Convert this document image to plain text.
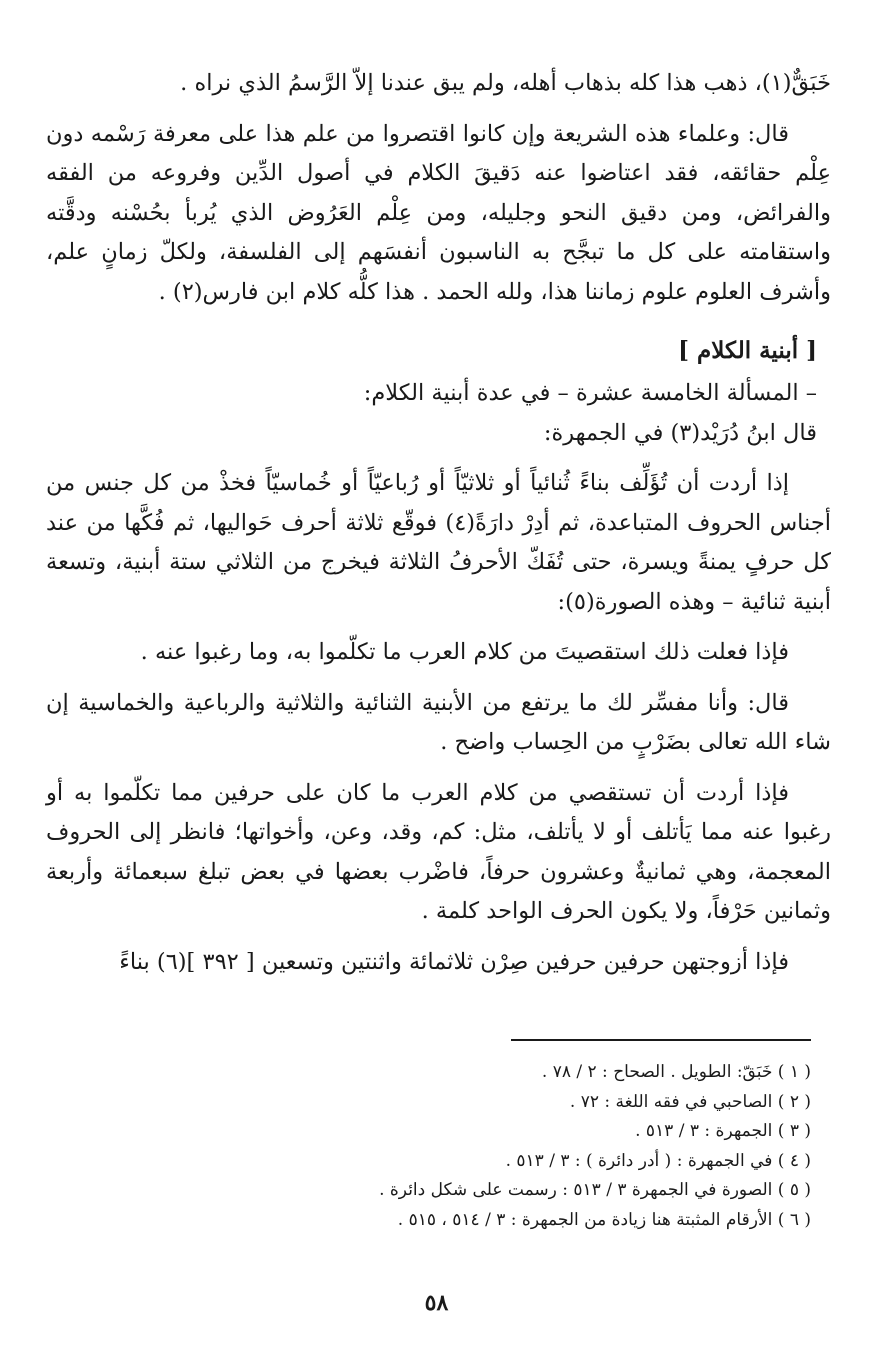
خَبَقٌّ(١)، ذهب هذا كله بذهاب أهله، ولم يبق عندنا إلاّ الرَّسمُ الذي نراه .

قال: وعلماء هذه الشريعة وإن كانوا اقتصروا من علم هذا على معرفة رَسْمه دون عِلْم حقائقه، فقد اعتاضوا عنه دَقيقَ الكلام في أصول الدِّين وفروعه من الفقه والفرائض، ومن دقيق النحو وجليله، ومن عِلْم العَرُوض الذي يُربأ بحُسْنه ودقَّته واستقامته على كل ما تبجَّح به الناسبون أنفسَهم إلى الفلسفة، ولكلّ زمانٍ علم، وأشرف العلوم علوم زماننا هذا، ولله الحمد . هذا كلُّه كلام ابن فارس(٢) .

[ أبنية الكلام ]

– المسألة الخامسة عشرة – في عدة أبنية الكلام:

قال ابنُ دُرَيْد(٣) في الجمهرة:

إذا أردت أن تُؤَلِّف بناءً ثُنائياً أو ثلاثيّاً أو رُباعيّاً أو خُماسيّاً فخذْ من كل جنس من أجناس الحروف المتباعدة، ثم أدِرْ دارَةً(٤) فوقّع ثلاثة أحرف حَواليها، ثم فُكَّها من عند كل حرفٍ يمنةً ويسرة، حتى تُفَكّ الأحرفُ الثلاثة فيخرج من الثلاثي ستة أبنية، وتسعة أبنية ثنائية – وهذه الصورة(٥):

فإذا فعلت ذلك استقصيتَ من كلام العرب ما تكلّموا به، وما رغبوا عنه .

قال: وأنا مفسِّر لك ما يرتفع من الأبنية الثنائية والثلاثية والرباعية والخماسية إن شاء الله تعالى بضَرْبٍ من الحِساب واضح .

فإذا أردت أن تستقصي من كلام العرب ما كان على حرفين مما تكلّموا به أو رغبوا عنه مما يَأتلف أو لا يأتلف، مثل: كم، وقد، وعن، وأخواتها؛ فانظر إلى الحروف المعجمة، وهي ثمانيةٌ وعشرون حرفاً، فاضْرب بعضها في بعض تبلغ سبعمائة وأربعة وثمانين حَرْفاً، ولا يكون الحرف الواحد كلمة .

فإذا أزوجتهن حرفين حرفين صِرْن ثلاثمائة واثنتين وتسعين [ ٣٩٢ ](٦) بناءً

( ١ ) خَبَقّ: الطويل . الصحاح : ٢ / ٧٨ .
( ٢ ) الصاحبي في فقه اللغة : ٧٢ .
( ٣ ) الجمهرة : ٣ / ٥١٣ .
( ٤ ) في الجمهرة : ( أدر دائرة ) : ٣ / ٥١٣ .
( ٥ ) الصورة في الجمهرة ٣ / ٥١٣ : رسمت على شكل دائرة .
( ٦ ) الأرقام المثبتة هنا زيادة من الجمهرة : ٣ / ٥١٤ ، ٥١٥ .
٥٨
